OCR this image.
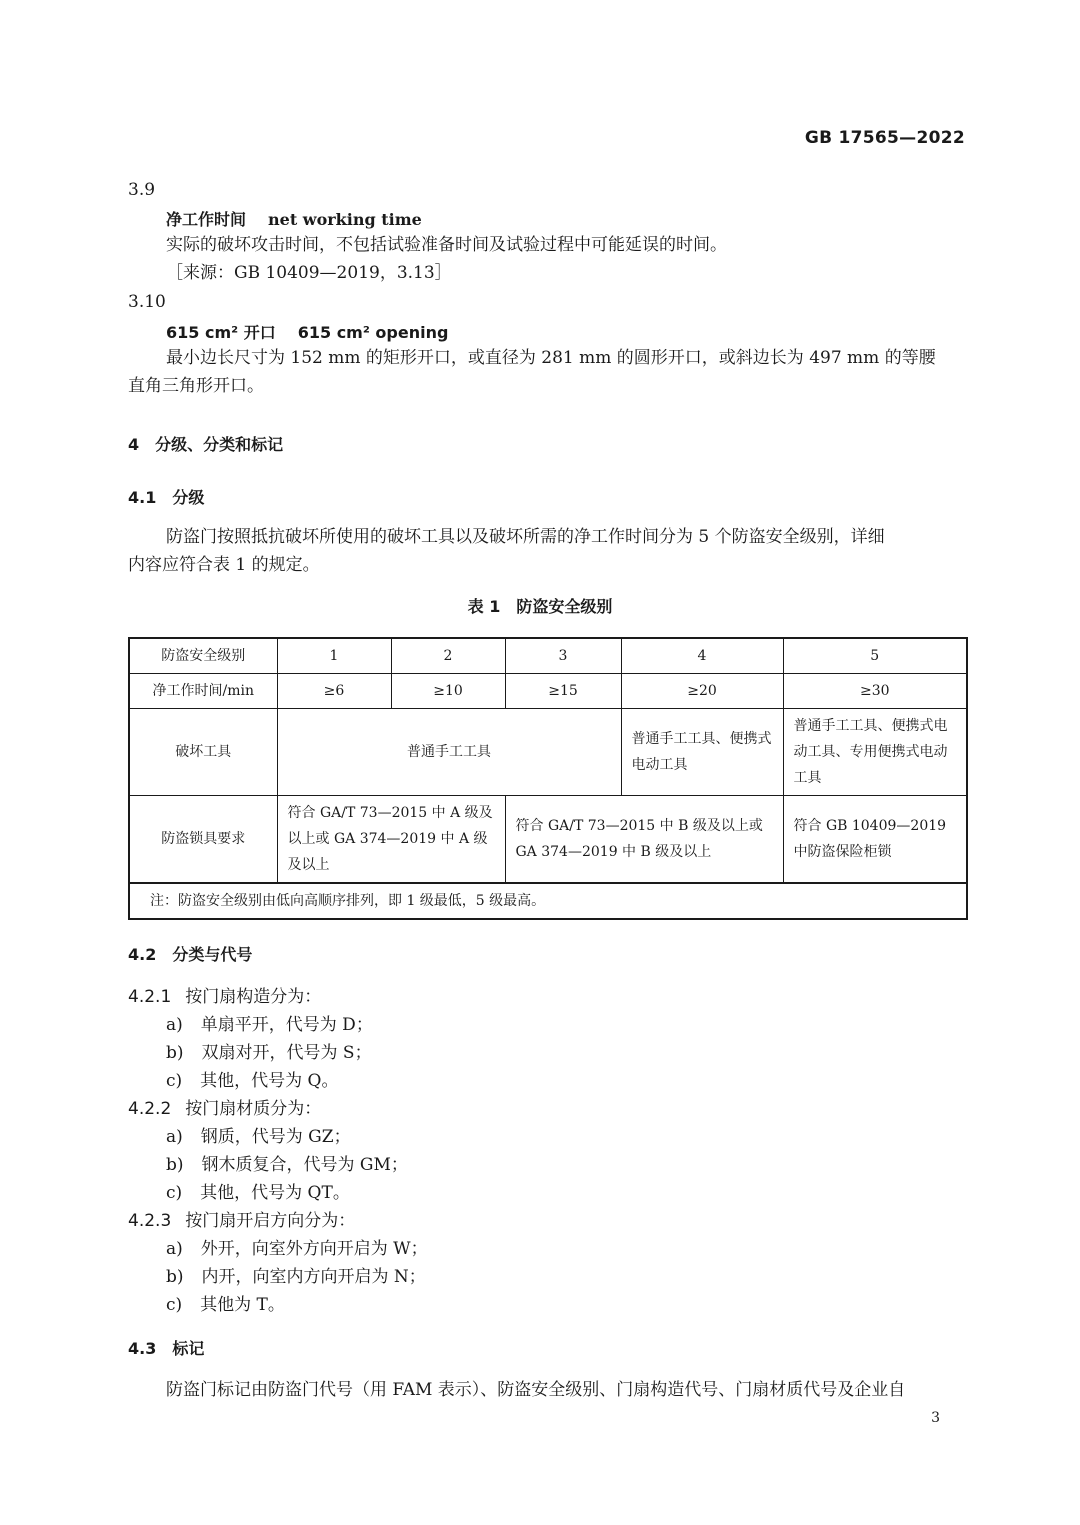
GB 17565—2022
3.9
净工作时间 net working time
实际的破坏攻击时间，不包括试验准备时间及试验过程中可能延误的时间。
［来源：GB 10409—2019，3.13］
3.10
615 cm² 开口 615 cm² opening
最小边长尺寸为 152 mm 的矩形开口，或直径为 281 mm 的圆形开口，或斜边长为 497 mm 的等腰
直角三角形开口。
4 分级、分类和标记
4.1 分级
防盗门按照抵抗破坏所使用的破坏工具以及破坏所需的净工作时间分为 5 个防盗安全级别，详细
内容应符合表 1 的规定。
表 1　防盗安全级别
防盗安全级别	1	2	3	4	5
净工作时间/min	≥6	≥10	≥15	≥20	≥30
破坏工具	普通手工工具			普通手工工具、便携式电动工具	普通手工工具、便携式电动工具、专用便携式电动工具
防盗锁具要求	符合 GA/T 73—2015 中 A 级及以上或 GA 374—2019 中 A 级及以上		符合 GA/T 73—2015 中 B 级及以上或 GA 374—2019 中 B 级及以上		符合 GB 10409—2019 中防盗保险柜锁
注：防盗安全级别由低向高顺序排列，即 1 级最低，5 级最高。					
4.2 分类与代号
4.2.1 按门扇构造分为：
a) 单扇平开，代号为 D；
b) 双扇对开，代号为 S；
c) 其他，代号为 Q。
4.2.2 按门扇材质分为：
a) 钢质，代号为 GZ；
b) 钢木质复合，代号为 GM；
c) 其他，代号为 QT。
4.2.3 按门扇开启方向分为：
a) 外开，向室外方向开启为 W；
b) 内开，向室内方向开启为 N；
c) 其他为 T。
4.3 标记
防盗门标记由防盗门代号（用 FAM 表示）、防盗安全级别、门扇构造代号、门扇材质代号及企业自
3
